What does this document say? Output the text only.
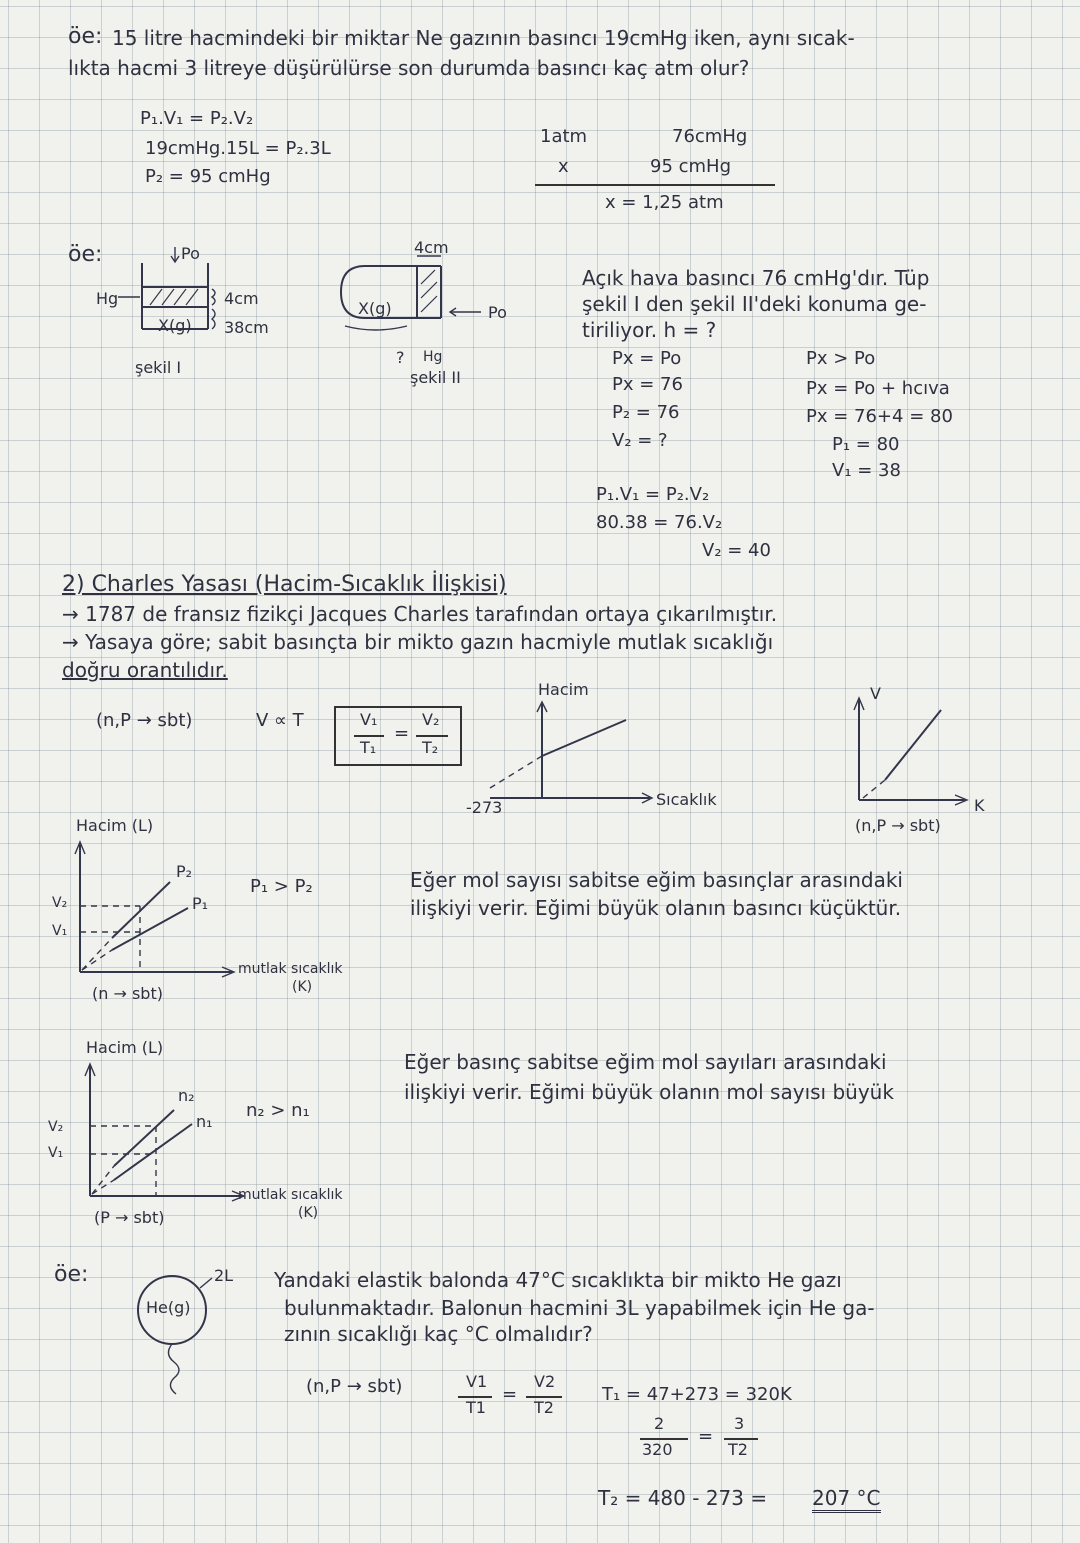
öe: 15 litre hacmindeki bir miktar Ne gazının basıncı 19cmHg iken, aynı sıcak-
lıkta hacmi 3 litreye düşürülürse son durumda basıncı kaç atm olur?
P₁.V₁ = P₂.V₂
19cmHg.15L = P₂.3L
P₂ = 95 cmHg
1atm	76cmHg
x	95 cmHg
x = 1,25 atm
öe:	Po
Hg	4cm
X(g) 38cm
şekil I
4cm
X(g)	Po
? Hg
şekil II
Açık hava basıncı 76 cmHg'dır. Tüp
şekil I den şekil II'deki konuma ge-
tiriliyor. h = ?
Px = Po
Px = 76
P₂ = 76
V₂ = ?
Px > Po
Px = Po + hcıva
Px = 76+4 = 80
P₁ = 80
V₁ = 38
P₁.V₁ = P₂.V₂
80.38 = 76.V₂
V₂ = 40
2) Charles Yasası (Hacim-Sıcaklık İlişkisi)
→ 1787 de fransız fizikçi Jacques Charles tarafından ortaya çıkarılmıştır.
→ Yasaya göre; sabit basınçta bir mikto gazın hacmiyle mutlak sıcaklığı
doğru orantılıdır.
(n,P → sbt)	V ∝ T	V₁
T₁
=
V₂
T₂
Hacim
-273	Sıcaklık
V
K
(n,P → sbt)
Hacim (L)
V₂
V₁
P₂
P₁
P₁ > P₂
mutlak sıcaklık
(K)
(n → sbt)
Eğer mol sayısı sabitse eğim basınçlar arasındaki
ilişkiyi verir. Eğimi büyük olanın basıncı küçüktür.
Hacim (L)
V₂
V₁
n₂
n₁
n₂ > n₁
mutlak sıcaklık
(K)
(P → sbt)
Eğer basınç sabitse eğim mol sayıları arasındaki
ilişkiyi verir. Eğimi büyük olanın mol sayısı büyük
öe:
He(g)
2L Yandaki elastik balonda 47°C sıcaklıkta bir mikto He gazı
bulunmaktadır. Balonun hacmini 3L yapabilmek için He ga-
zının sıcaklığı kaç °C olmalıdır?
(n,P → sbt)	V1
T1
=
V2
T2
T₁ = 47+273 = 320K
2
320
=
3
T2
T₂ = 480 - 273 = 207 °C
